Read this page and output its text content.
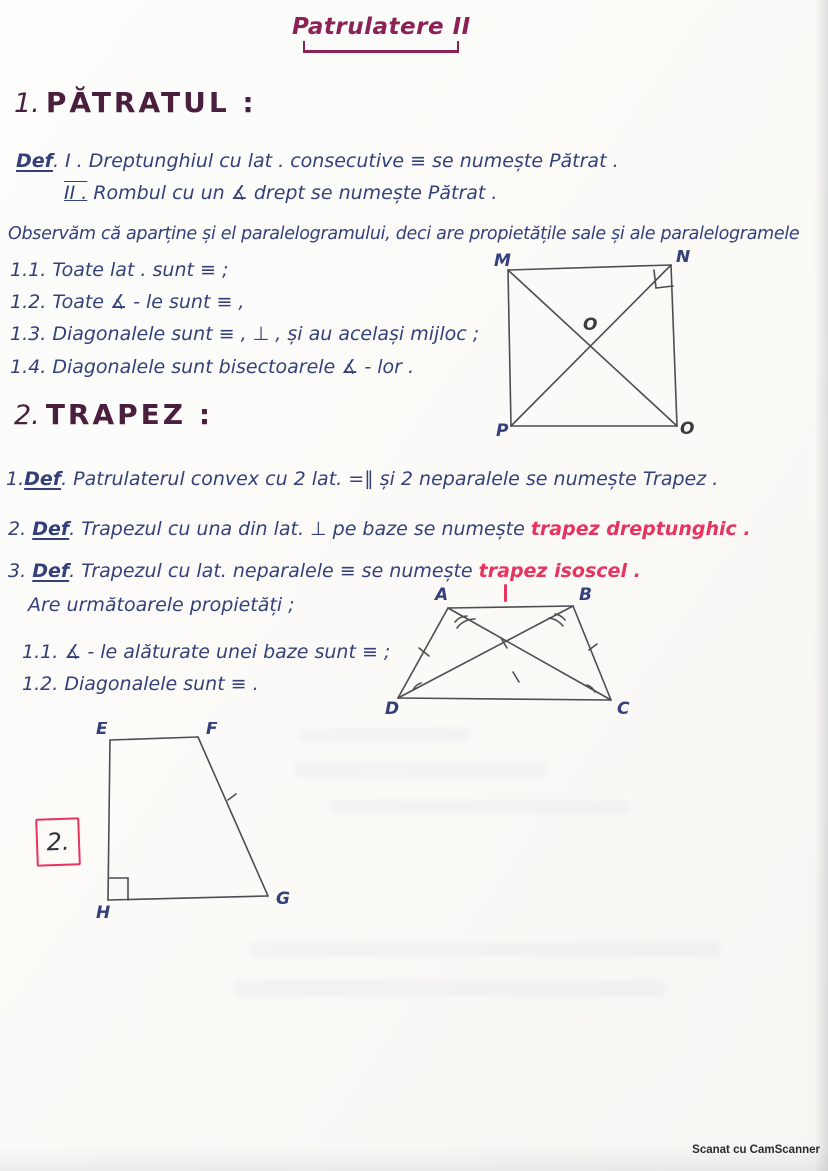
Patrulatere II
1. PĂTRATUL :
Def. I . Dreptunghiul cu lat . consecutive ≡ se numește Pătrat .
II . Rombul cu un ∡ drept se numește Pătrat .
Observăm că aparține și el paralelogramului, deci are propietățile sale și ale paralelogramele
1.1. Toate lat . sunt ≡ ;
1.2. Toate ∡ - le sunt ≡ ,
1.3. Diagonalele sunt ≡ , ⊥ , și au același mijloc ;
1.4. Diagonalele sunt bisectoarele ∡ - lor .
M	N
P	O
O
2. TRAPEZ :
1.Def. Patrulaterul convex cu 2 lat. =∥ și 2 neparalele se numește Trapez .
2. Def. Trapezul cu una din lat. ⊥ pe baze se numește trapez dreptunghic .
3. Def. Trapezul cu lat. neparalele ≡ se numește trapez isoscel .
Are următoarele propietăți ;
1.1. ∡ - le alăturate unei baze sunt ≡ ;
1.2. Diagonalele sunt ≡ .
A	B
D	C
E	F
H
G
2.
Scanat cu CamScanner
